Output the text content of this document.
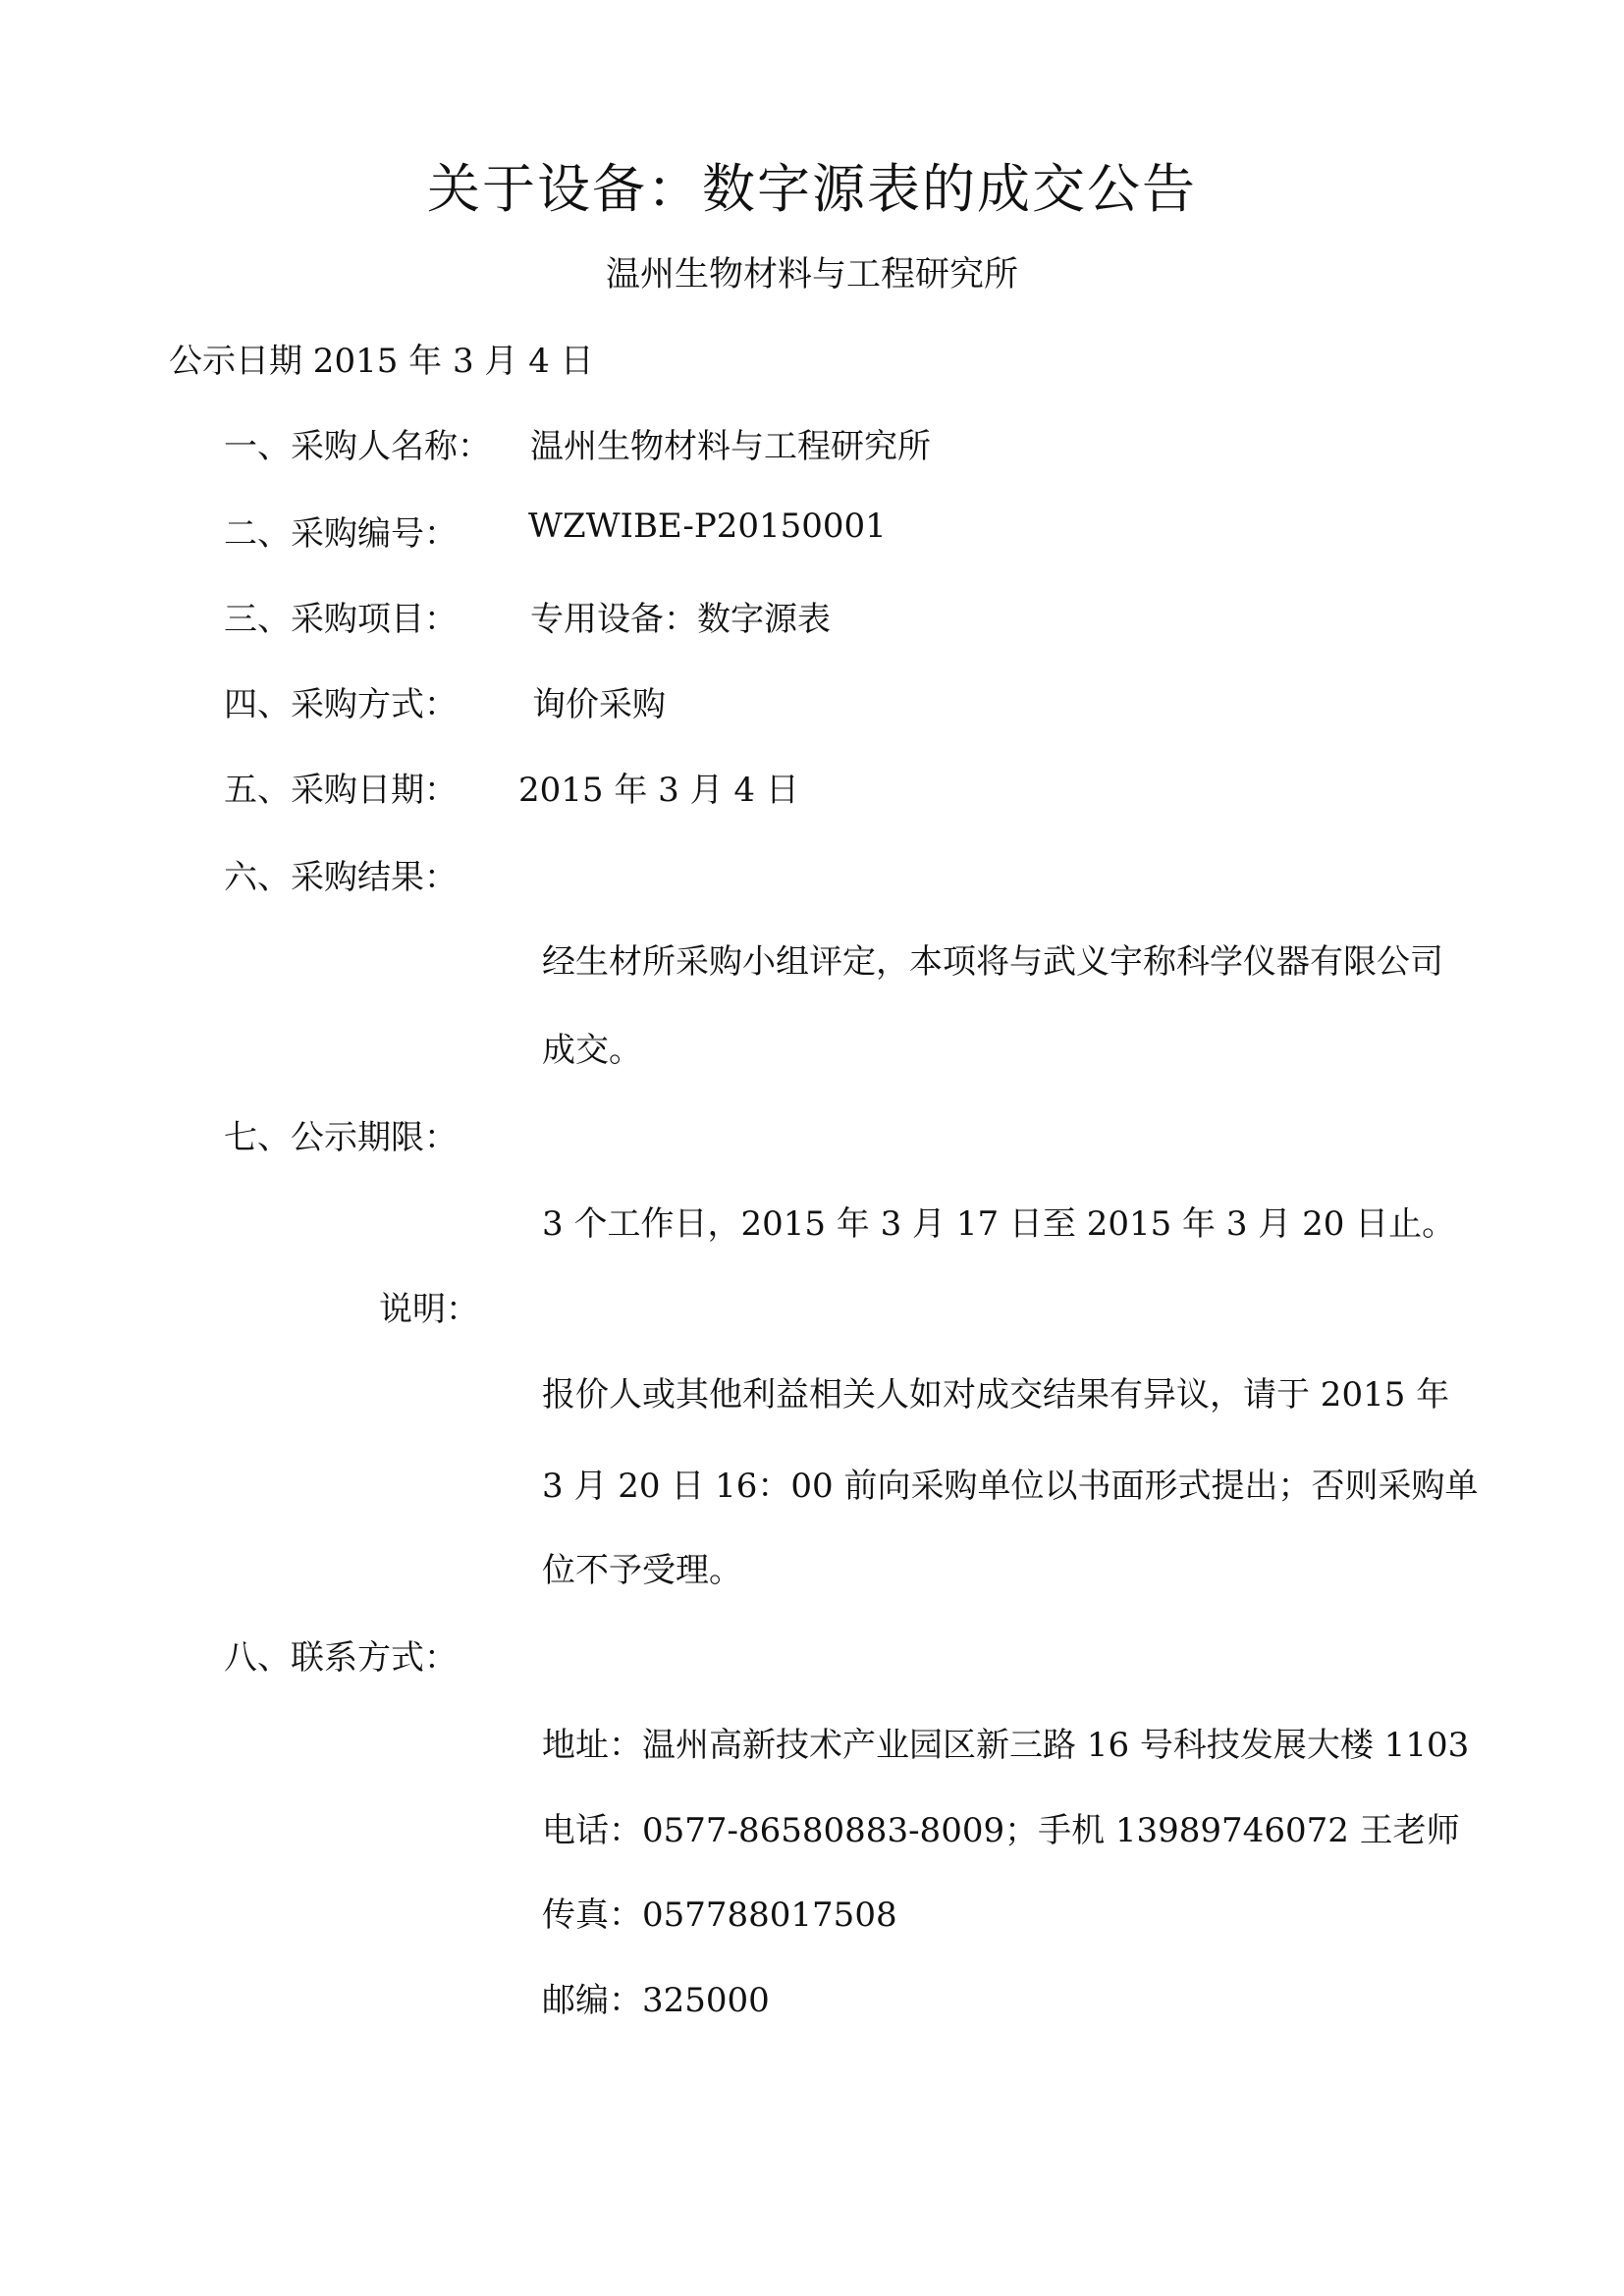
关于设备：数字源表的成交公告
温州生物材料与工程研究所
公示日期 2015 年 3 月 4 日
一、采购人名称： 温州生物材料与工程研究所
二、采购编号： WZWIBE-P20150001
三、采购项目： 专用设备：数字源表
四、采购方式： 询价采购
五、采购日期： 2015 年 3 月 4 日
六、采购结果：
经生材所采购小组评定，本项将与武义宇称科学仪器有限公司
成交。
七、公示期限：
3 个工作日，2015 年 3 月 17 日至 2015 年 3 月 20 日止。
说明：
报价人或其他利益相关人如对成交结果有异议，请于 2015 年
3 月 20 日 16：00 前向采购单位以书面形式提出；否则采购单
位不予受理。
八、联系方式：
地址：温州高新技术产业园区新三路 16 号科技发展大楼 1103
电话：0577-86580883-8009；手机 13989746072 王老师
传真：057788017508
邮编：325000
